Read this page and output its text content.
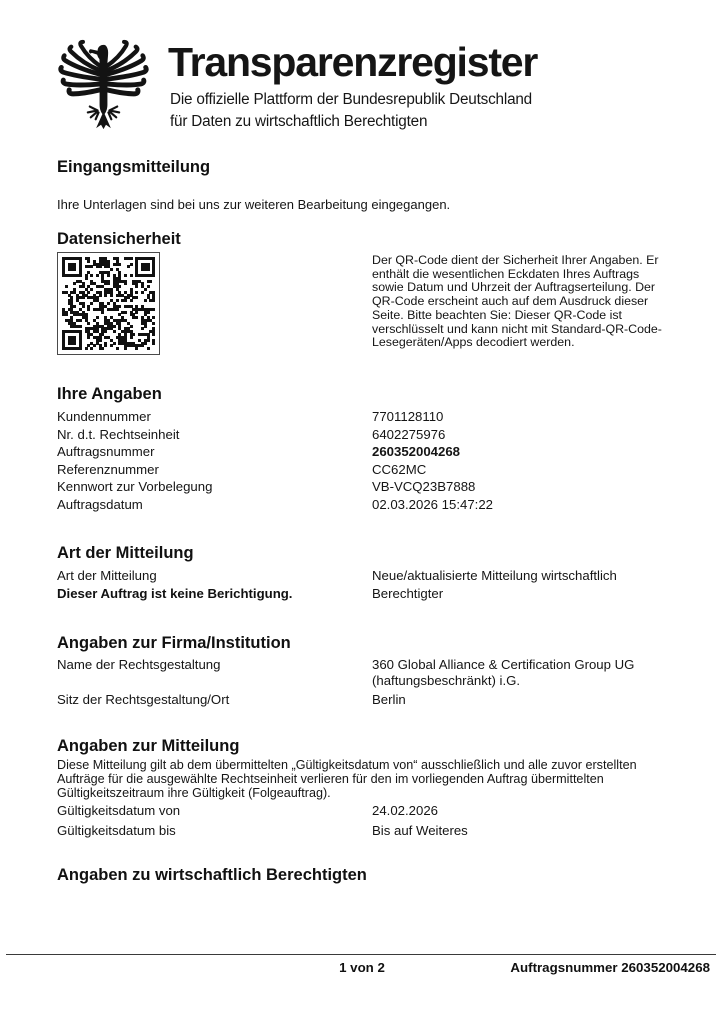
Transparenzregister
Die offizielle Plattform der Bundesrepublik Deutschland
für Daten zu wirtschaftlich Berechtigten
Eingangsmitteilung
Ihre Unterlagen sind bei uns zur weiteren Bearbeitung eingegangen.
Datensicherheit
Der QR-Code dient der Sicherheit Ihrer Angaben. Er enthält die wesentlichen Eckdaten Ihres Auftrags sowie Datum und Uhrzeit der Auftragserteilung. Der QR-Code erscheint auch auf dem Ausdruck dieser Seite. Bitte beachten Sie: Dieser QR-Code ist verschlüsselt und kann nicht mit Standard-QR-Code-Lesegeräten/Apps decodiert werden.
Ihre Angaben
Kundennummer	7701128110
Nr. d.t. Rechtseinheit	6402275976
Auftragsnummer	260352004268
Referenznummer	CC62MC
Kennwort zur Vorbelegung	VB-VCQ23B7888
Auftragsdatum	02.03.2026 15:47:22
Art der Mitteilung
Art der Mitteilung	Neue/aktualisierte Mitteilung wirtschaftlich Berechtigter
Dieser Auftrag ist keine Berichtigung.
Angaben zur Firma/Institution
Name der Rechtsgestaltung	360 Global Alliance & Certification Group UG (haftungsbeschränkt) i.G.
Sitz der Rechtsgestaltung/Ort	Berlin
Angaben zur Mitteilung
Diese Mitteilung gilt ab dem übermittelten „Gültigkeitsdatum von“ ausschließlich und alle zuvor erstellten Aufträge für die ausgewählte Rechtseinheit verlieren für den im vorliegenden Auftrag übermittelten Gültigkeitszeitraum ihre Gültigkeit (Folgeauftrag).
Gültigkeitsdatum von	24.02.2026
Gültigkeitsdatum bis	Bis auf Weiteres
Angaben zu wirtschaftlich Berechtigten
1 von 2	Auftragsnummer 260352004268
